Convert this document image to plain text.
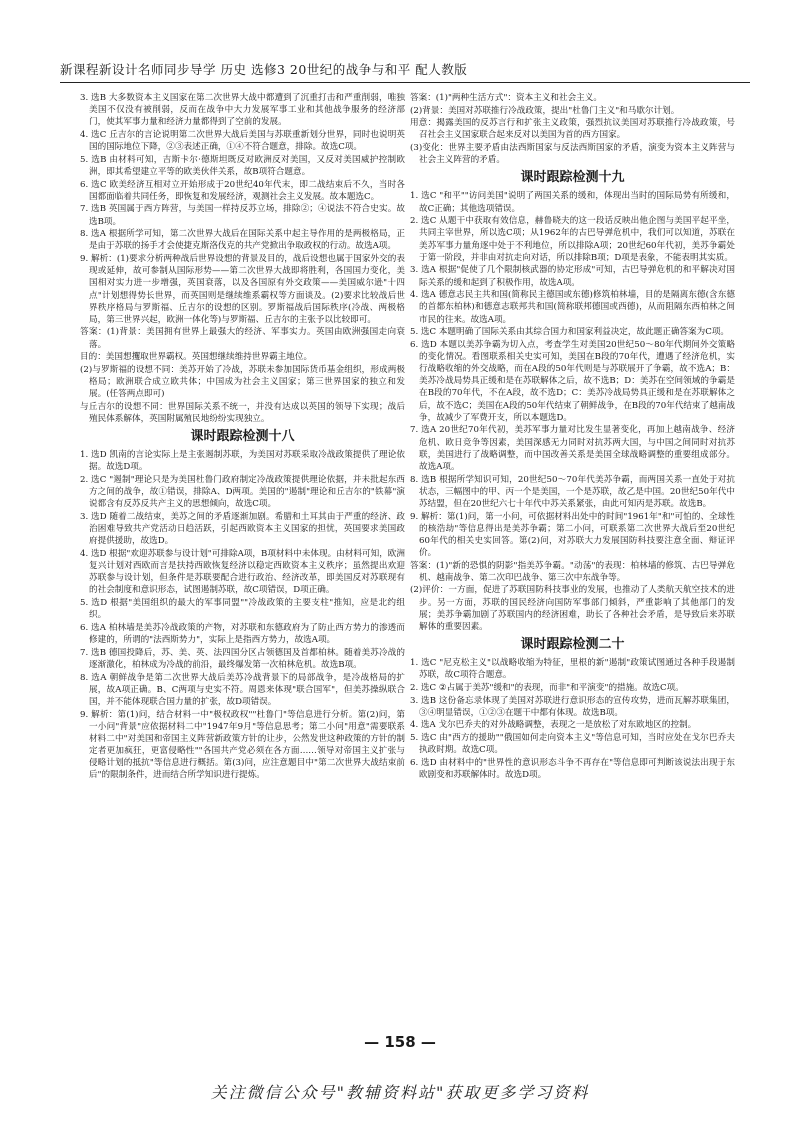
新课程新设计名师同步导学 历史 选修3 20世纪的战争与和平 配人教版
3. 选B 大多数资本主义国家在第二次世界大战中都遭到了沉重打击和严重削弱，唯独美国不仅没有被削弱，反而在战争中大力发展军事工业和其他战争服务的经济部门，使其军事力量和经济力量都得到了空前的发展。
4. 选C 丘吉尔的言论说明第二次世界大战后美国与苏联重新划分世界，同时也说明英国的国际地位下降，②③表述正确，①④不符合题意，排除。故选C项。
5. 选B 由材料可知，吉斯卡尔·德斯坦既反对欧洲反对美国，又反对美国威护控制欧洲，即其希望建立平等的欧美伙伴关系，故B项符合题意。
6. 选C 欧美经济互相对立开始形成于20世纪40年代末，即二战结束后不久，当时各国都面临着共同任务，即恢复和发展经济，观测社会主义发展。故本题选C。
7. 选B 英国属于西方阵营，与美国一样持反苏立场，排除②；④说法不符合史实。故选B项。
8. 选A 根据所学可知，第二次世界大战后在国际关系中起主导作用的是两极格局，正是由于苏联的扬手才会使捷克斯洛伐克的共产党掀出争取政权的行动。故选A项。
9. 解析：(1)要求分析两种战后世界设想的背景及目的，战后设想也属于国家外交的表现或延伸，故可参制从国际形势——第二次世界大战即将胜利，各国国力变化，美国相对实力进一步增强，英国衰落，以及各国原有外交政策——美国威尔逊"十四点"计划想得势长世界，而英国则是继续维系霸权等方面谈及。(2)要求比较战后世界秩序格局与罗斯福、丘吉尔的设想的区别。罗斯福战后国际秩序(冷战、两极格局，第三世界兴起，欧洲一体化等)与罗斯福、丘吉尔的主张予以比较即可。
答案：(1)背景：美国拥有世界上最强大的经济、军事实力。英国由欧洲强国走向衰落。
目的：美国想攫取世界霸权。英国想继续维持世界霸主地位。
(2)与罗斯福的设想不同：美苏开始了冷战，苏联未参加国际货币基金组织，形成两极格局；欧洲联合成立欧共体；中国成为社会主义国家；第三世界国家的独立和发展。(任答两点即可)
与丘吉尔的设想不同：世界国际关系不统一，并没有达成以英国的领导下实现；战后殖民体系解体，英国附属殖民地纷纷实现独立。
课时跟踪检测十八
1. 选D 凯南的言论实际上是主张遏制苏联，为美国对苏联采取冷战政策提供了理论依据。故选D项。
2. 选C "遏制"理论只是为美国杜鲁门政府制定冷战政策提供理论依据，并未批起东西方之间的战争，故①错误，排除A、D两项。美国的"遏制"理论和丘吉尔的"铁幕"演说都含有反苏反共产主义的思想倾向，故选C项。
3. 选D 随着二战结束，美苏之间的矛盾逐渐加剧。希腊和土耳其由于严重的经济、政治困难导致共产党活动日趋活跃，引起西欧资本主义国家的担忧，英国要求美国政府提供援助，故选D。
4. 选D 根据"欢迎苏联参与设计划"可排除A项，B项材料中未体现。由材料可知，欧洲复兴计划对西欧而言是扶持西欧恢复经济以稳定西欧资本主义秩序；虽然提出欢迎苏联参与设计划，但条件是苏联要配合进行政治、经济改革，即美国反对苏联现有的社会制度和意识形态，试图遏制苏联，故C项错误，D项正确。
5. 选D 根据"美国组织的最大的军事同盟""冷战政策的主要支柱"推知，应是北约组织。
6. 选A 柏林墙是美苏冷战政策的产物，对苏联和东德政府为了防止西方势力的渗透而修建的，所谓的"法西斯势力"，实际上是指西方势力，故选A项。
7. 选B 德国投降后，苏、美、英、法四国分区占领德国及首都柏林。随着美苏冷战的逐渐激化，柏林成为冷战的前沿，最终爆发第一次柏林危机。故选B项。
8. 选A 朝鲜战争是第二次世界大战后美苏冷战背景下的局部战争，是冷战格局的扩展，故A项正确。B、C两项与史实不符。周恩来体现"联合国军"，但美苏操纵联合国，并不能体现联合国力量的扩张，故D项错误。
9. 解析：第(1)问，结合材料一中"极权政权""杜鲁门"等信息进行分析。第(2)问，第一小问"背景"应依据材料二中"1947年9月"等信息思考；第二小问"用意"需要联系材料二中"对美国和帝国主义阵营新政策方针的让步，公然发世这种政策的方针的制定者更加疯狂，更富侵略性""各国共产党必须在各方面……领导对帝国主义扩张与侵略计划的抵抗"等信息进行概括。第(3)问，应注意题目中"第二次世界大战结束前后"的限制条件，进而结合所学知识进行提炼。
答案：(1)"两种生活方式"：资本主义和社会主义。
(2)背景：美国对苏联推行冷战政策，提出"杜鲁门主义"和马歇尔计划。
用意：揭露美国的反苏言行和扩张主义政策，强烈抗议美国对苏联推行冷战政策，号召社会主义国家联合起来反对以美国为首的西方国家。
(3)变化：世界主要矛盾由法西斯国家与反法西斯国家的矛盾，演变为资本主义阵营与社会主义阵营的矛盾。
课时跟踪检测十九
1. 选C "和平""访问美国"说明了两国关系的缓和，体现出当时的国际局势有所缓和，故C正确；其他选项错误。
2. 选C 从题干中获取有效信息，赫鲁晓夫的这一段话反映出他企图与美国平起平坐，共同主宰世界，所以选C项；从1962年的古巴导弹危机中，我们可以知道，苏联在美苏军事力量角逐中处于不利地位，所以排除A项；20世纪60年代初，美苏争霸处于第一阶段，并非由对抗走向对话，所以排除B项；D项是表象，不能表明其实质。
3. 选A 根据"促使了几个限制核武器的协定形成"可知，古巴导弹危机的和平解决对国际关系的缓和起到了积极作用，故选A项。
4. 选A 德意志民主共和国(简称民主德国或东德)修筑柏林墙，目的是隔离东德(含东德的首都东柏林)和德意志联邦共和国(简称联邦德国或西德)，从而阻隔东西柏林之间市民的往来。故选A项。
5. 选C 本题明确了国际关系由其综合国力和国家利益决定，故此题正确答案为C项。
6. 选D 本题以美苏争霸为切入点，考查学生对美国20世纪50～80年代期间外交策略的变化情况。看图联系相关史实可知，美国在B段的70年代，遭遇了经济危机，实行战略收缩的外交战略，而在A段的50年代则是与苏联展开了争霸，故不选A；B：美苏冷战局势具正缓和是在苏联解体之后，故不选B；D：美苏在空间领域的争霸是在B段的70年代，不在A段，故不选D；C：美苏冷战局势具正缓和是在苏联解体之后，故不选C；美国在A段的50年代结束了朝鲜战争，在B段的70年代结束了越南战争，故减少了军费开支，所以本题选D。
7. 选A 20世纪70年代初，美苏军事力量对比发生显著变化，再加上越南战争、经济危机、欧日竞争等因素，美国深感无力同时对抗苏两大国，与中国之间同时对抗苏联，美国进行了战略调整，而中国改善关系是美国全球战略调整的重要组成部分。故选A项。
8. 选B 根据所学知识可知，20世纪50～70年代美苏争霸，而两国关系一直处于对抗状态，三幅图中的甲、丙一个是美国，一个是苏联，故乙是中国。20世纪50年代中苏结盟，但在20世纪六七十年代中苏关系紧张，由此可知丙是苏联。故选B。
9. 解析：第(1)问，第一小问，可依据材料出处中的时间"1961年"和"可怕的、全球性的核浩劫"等信息得出是美苏争霸；第二小问，可联系第二次世界大战后至20世纪60年代的相关史实回答。第(2)问，对苏联大力发展国防科技要注意全面、辩证评价。
答案：(1)"新的恐惧的阴影"指美苏争霸。"动荡"的表现：柏林墙的修筑、古巴导弹危机、越南战争、第二次印巴战争、第三次中东战争等。
(2)评价：一方面，促进了苏联国防科技事业的发展，也推动了人类航天航空技术的进步。另一方面，苏联的国民经济向国防军事部门倾斜，严重影响了其他部门的发展；美苏争霸加剧了苏联国内的经济困难，助长了各种社会矛盾，是导致后来苏联解体的重要因素。
课时跟踪检测二十
1. 选C "尼克松主义"以战略收缩为特征，里根的新"遏制"政策试图通过各种手段遏制苏联，故C项符合题意。
2. 选C ②占属于美苏"缓和"的表现，而非"和平演变"的措施。故选C项。
3. 选B 这份备忘录体现了美国对苏联进行意识形态的宣传攻势，进而瓦解苏联集团，③④明显错误，①②③在题干中都有体现。故选B项。
4. 选A 戈尔巴乔夫的对外战略调整，表现之一是放松了对东欧地区的控制。
5. 选C 由"西方的援助""俄国如何走向资本主义"等信息可知，当时应处在戈尔巴乔夫执政时期。故选C项。
6. 选D 由材料中的"世界性的意识形态斗争不再存在"等信息即可判断该说法出现于东欧剧变和苏联解体时。故选D项。
— 158 —
关注微信公众号"教辅资料站"获取更多学习资料
